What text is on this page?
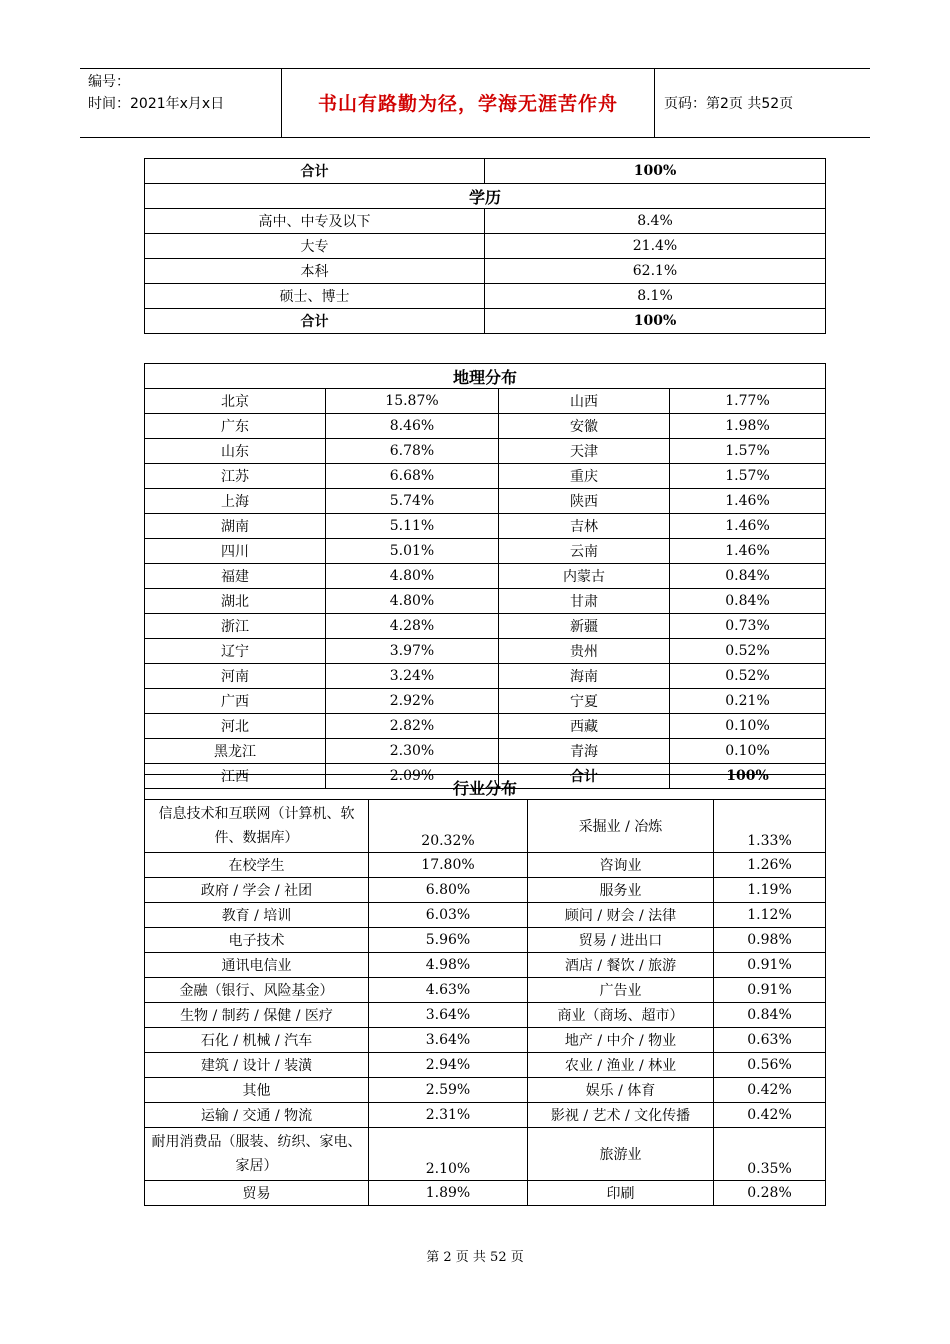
编号：
时间：2021年x月x日	书山有路勤为径，学海无涯苦作舟	页码：第2页 共52页
合计	100%
学历	
高中、中专及以下	8.4%
大专	21.4%
本科	62.1%
硕士、博士	8.1%
合计	100%
地理分布			
北京	15.87%	山西	1.77%
广东	8.46%	安徽	1.98%
山东	6.78%	天津	1.57%
江苏	6.68%	重庆	1.57%
上海	5.74%	陕西	1.46%
湖南	5.11%	吉林	1.46%
四川	5.01%	云南	1.46%
福建	4.80%	内蒙古	0.84%
湖北	4.80%	甘肃	0.84%
浙江	4.28%	新疆	0.73%
辽宁	3.97%	贵州	0.52%
河南	3.24%	海南	0.52%
广西	2.92%	宁夏	0.21%
河北	2.82%	西藏	0.10%
黑龙江	2.30%	青海	0.10%
江西	2.09%	合计	100%
行业分布			
信息技术和互联网（计算机、软件、数据库）	20.32%	采掘业 / 冶炼	1.33%
在校学生	17.80%	咨询业	1.26%
政府 / 学会 / 社团	6.80%	服务业	1.19%
教育 / 培训	6.03%	顾问 / 财会 / 法律	1.12%
电子技术	5.96%	贸易 / 进出口	0.98%
通讯电信业	4.98%	酒店 / 餐饮 / 旅游	0.91%
金融（银行、风险基金）	4.63%	广告业	0.91%
生物 / 制药 / 保健 / 医疗	3.64%	商业（商场、超市）	0.84%
石化 / 机械 / 汽车	3.64%	地产 / 中介 / 物业	0.63%
建筑 / 设计 / 装潢	2.94%	农业 / 渔业 / 林业	0.56%
其他	2.59%	娱乐 / 体育	0.42%
运输 / 交通 / 物流	2.31%	影视 / 艺术 / 文化传播	0.42%
耐用消费品（服装、纺织、家电、家居）	2.10%	旅游业	0.35%
贸易	1.89%	印刷	0.28%
第 2 页 共 52 页
